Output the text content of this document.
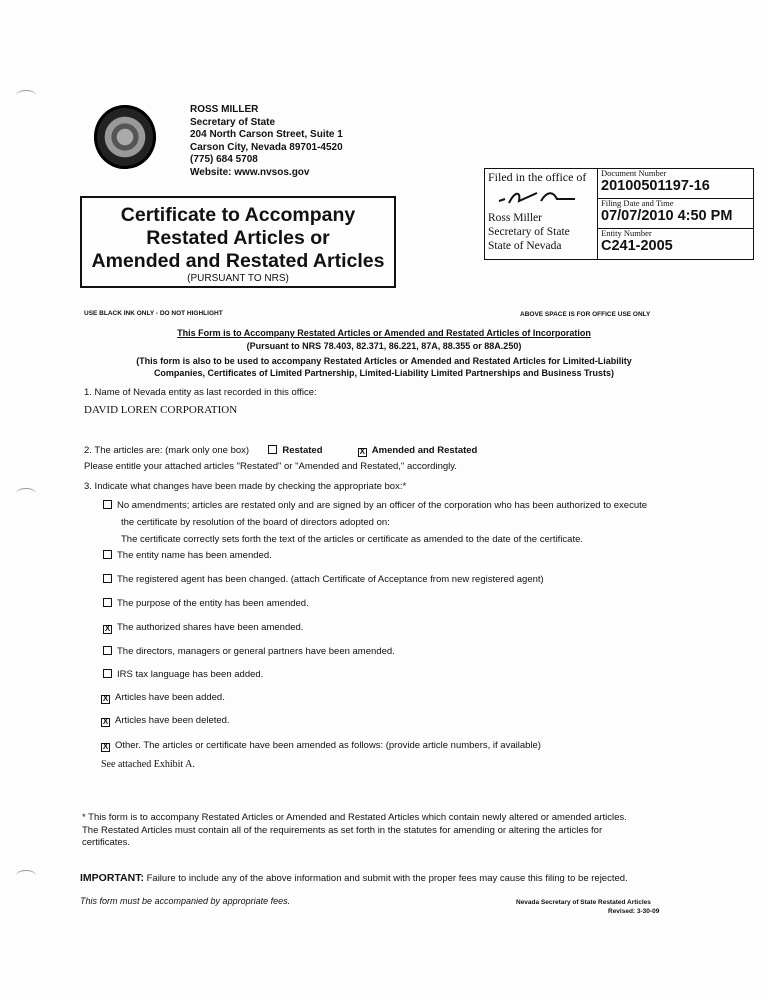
ROSS MILLER
Secretary of State
204 North Carson Street, Suite 1
Carson City, Nevada 89701-4520
(775) 684 5708
Website: www.nvsos.gov
Certificate to Accompany
Restated Articles or
Amended and Restated Articles
(PURSUANT TO NRS)
Filed in the office of
Ross Miller
Secretary of State
State of Nevada
Document Number
20100501197-16
Filing Date and Time
07/07/2010 4:50 PM
Entity Number
C241-2005
USE BLACK INK ONLY - DO NOT HIGHLIGHT	ABOVE SPACE IS FOR OFFICE USE ONLY
This Form is to Accompany Restated Articles or Amended and Restated Articles of Incorporation
(Pursuant to NRS 78.403, 82.371, 86.221, 87A, 88.355 or 88A.250)
(This form is also to be used to accompany Restated Articles or Amended and Restated Articles for Limited-Liability
Companies, Certificates of Limited Partnership, Limited-Liability Limited Partnerships and Business Trusts)
1. Name of Nevada entity as last recorded in this office:
DAVID LOREN CORPORATION
2. The articles are: (mark only one box)	Restated	X Amended and Restated
Please entitle your attached articles "Restated" or "Amended and Restated," accordingly.
3. Indicate what changes have been made by checking the appropriate box:*
No amendments; articles are restated only and are signed by an officer of the corporation who has been authorized to execute
the certificate by resolution of the board of directors adopted on:
The certificate correctly sets forth the text of the articles or certificate as amended to the date of the certificate.
The entity name has been amended.
The registered agent has been changed. (attach Certificate of Acceptance from new registered agent)
The purpose of the entity has been amended.
X The authorized shares have been amended.
The directors, managers or general partners have been amended.
IRS tax language has been added.
X Articles have been added.
X Articles have been deleted.
X Other. The articles or certificate have been amended as follows: (provide article numbers, if available)
See attached Exhibit A.
* This form is to accompany Restated Articles or Amended and Restated Articles which contain newly altered or amended articles.
The Restated Articles must contain all of the requirements as set forth in the statutes for amending or altering the articles for
certificates.
IMPORTANT: Failure to include any of the above information and submit with the proper fees may cause this filing to be rejected.
This form must be accompanied by appropriate fees.	Nevada Secretary of State Restated Articles
Revised: 3-30-09
